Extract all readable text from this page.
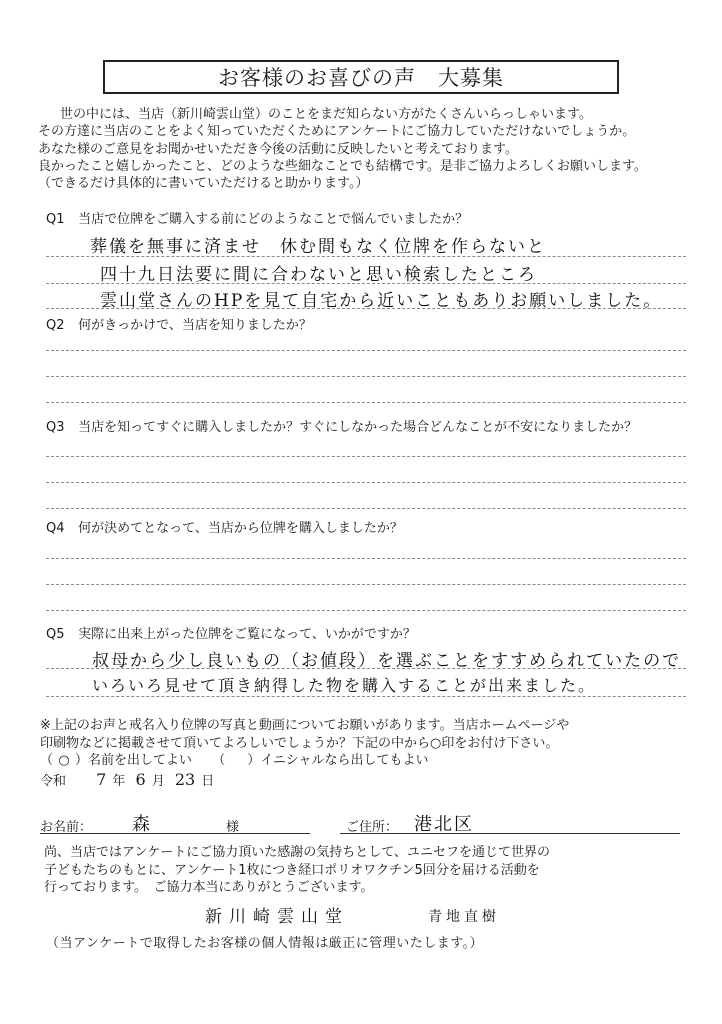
お客様のお喜びの声　大募集
世の中には、当店（新川崎雲山堂）のことをまだ知らない方がたくさんいらっしゃいます。
その方達に当店のことをよく知っていただくためにアンケートにご協力していただけないでしょうか。
あなた様のご意見をお聞かせいただき今後の活動に反映したいと考えております。
良かったこと嬉しかったこと、どのような些細なことでも結構です。是非ご協力よろしくお願いします。
（できるだけ具体的に書いていただけると助かります。）
Q1 当店で位牌をご購入する前にどのようなことで悩んでいましたか？
葬儀を無事に済ませ　休む間もなく位牌を作らないと
四十九日法要に間に合わないと思い検索したところ
雲山堂さんのHPを見て自宅から近いこともありお願いしました。
Q2 何がきっかけで、当店を知りましたか？
Q3 当店を知ってすぐに購入しましたか？すぐにしなかった場合どんなことが不安になりましたか？
Q4 何が決めてとなって、当店から位牌を購入しましたか？
Q5 実際に出来上がった位牌をご覧になって、いかがですか？
叔母から少し良いもの（お値段）を選ぶことをすすめられていたので
いろいろ見せて頂き納得した物を購入することが出来ました。
※上記のお声と戒名入り位牌の写真と動画についてお願いがあります。当店ホームページや
印刷物などに掲載させて頂いてよろしいでしょうか？下記の中から○印をお付け下さい。
（ ○ ）名前を出してよい （ ）イニシャルなら出してもよい
令和 7 年 6 月 23 日
お名前： 森	様	ご住所： 港北区
尚、当店ではアンケートにご協力頂いた感謝の気持ちとして、ユニセフを通じて世界の
子どもたちのもとに、アンケート1枚につき経口ポリオワクチン5回分を届ける活動を
行っております。　ご協力本当にありがとうございます。
新川崎雲山堂	青地直樹
（当アンケートで取得したお客様の個人情報は厳正に管理いたします。）
